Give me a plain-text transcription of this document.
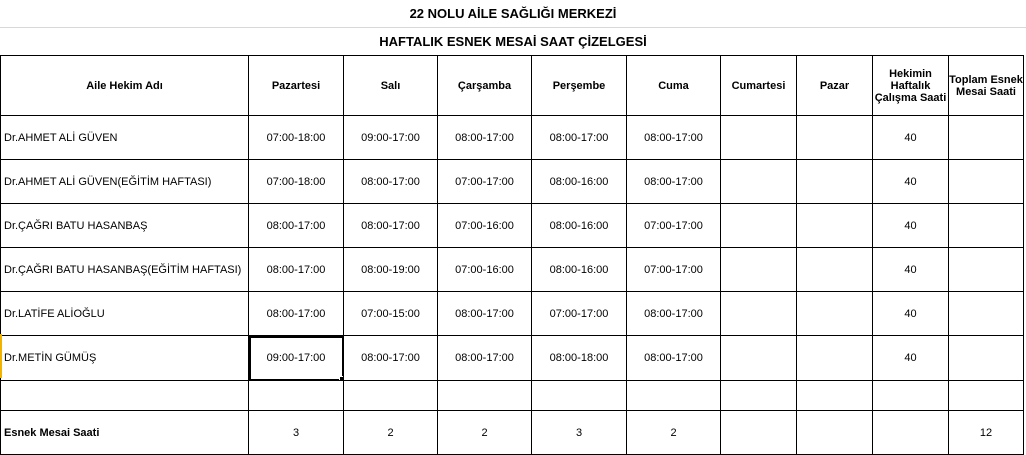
22 NOLU AİLE SAĞLIĞI MERKEZİ
HAFTALIK ESNEK MESAİ SAAT ÇİZELGESİ
Aile Hekim Adı	Pazartesi	Salı	Çarşamba	Perşembe	Cuma	Cumartesi	Pazar	Hekimin Haftalık Çalışma Saati	Toplam Esnek Mesai Saati
Dr.AHMET ALİ GÜVEN	07:00-18:00	09:00-17:00	08:00-17:00	08:00-17:00	08:00-17:00			40	
Dr.AHMET ALİ GÜVEN(EĞİTİM HAFTASI)	07:00-18:00	08:00-17:00	07:00-17:00	08:00-16:00	08:00-17:00			40	
Dr.ÇAĞRI BATU HASANBAŞ	08:00-17:00	08:00-17:00	07:00-16:00	08:00-16:00	07:00-17:00			40	
Dr.ÇAĞRI BATU HASANBAŞ(EĞİTİM HAFTASI)	08:00-17:00	08:00-19:00	07:00-16:00	08:00-16:00	07:00-17:00			40	
Dr.LATİFE ALİOĞLU	08:00-17:00	07:00-15:00	08:00-17:00	07:00-17:00	08:00-17:00			40	
Dr.METİN GÜMÜŞ	09:00-17:00	08:00-17:00	08:00-17:00	08:00-18:00	08:00-17:00			40	

Esnek Mesai Saati	3	2	2	3	2				12
